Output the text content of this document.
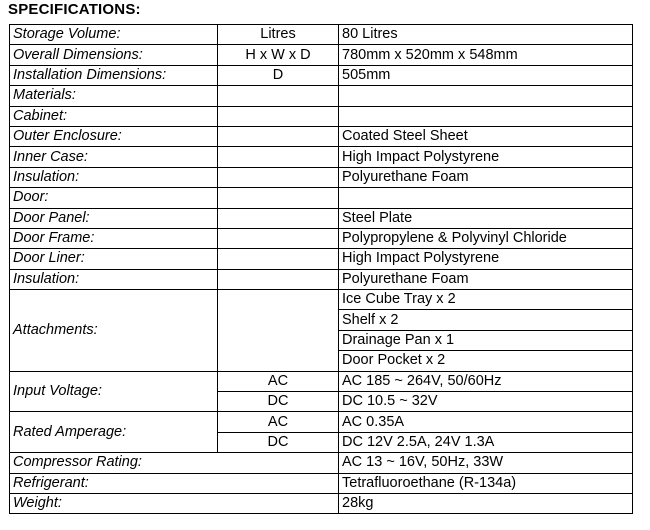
SPECIFICATIONS:
Storage Volume:	Litres	80 Litres
Overall Dimensions:	H x W x D	780mm x 520mm x 548mm
Installation Dimensions:	D	505mm
Materials:		
Cabinet:		
Outer Enclosure:		Coated Steel Sheet
Inner Case:		High Impact Polystyrene
Insulation:		Polyurethane Foam
Door:		
Door Panel:		Steel Plate
Door Frame:		Polypropylene & Polyvinyl Chloride
Door Liner:		High Impact Polystyrene
Insulation:		Polyurethane Foam
Attachments:		Ice Cube Tray x 2
		Shelf x 2
		Drainage Pan x 1
		Door Pocket x 2
Input Voltage:	AC	AC 185 ~ 264V, 50/60Hz
	DC	DC 10.5 ~ 32V
Rated Amperage:	AC	AC 0.35A
	DC	DC 12V 2.5A, 24V 1.3A
Compressor Rating:		AC 13 ~ 16V, 50Hz, 33W
Refrigerant:		Tetrafluoroethane (R-134a)
Weight:		28kg
